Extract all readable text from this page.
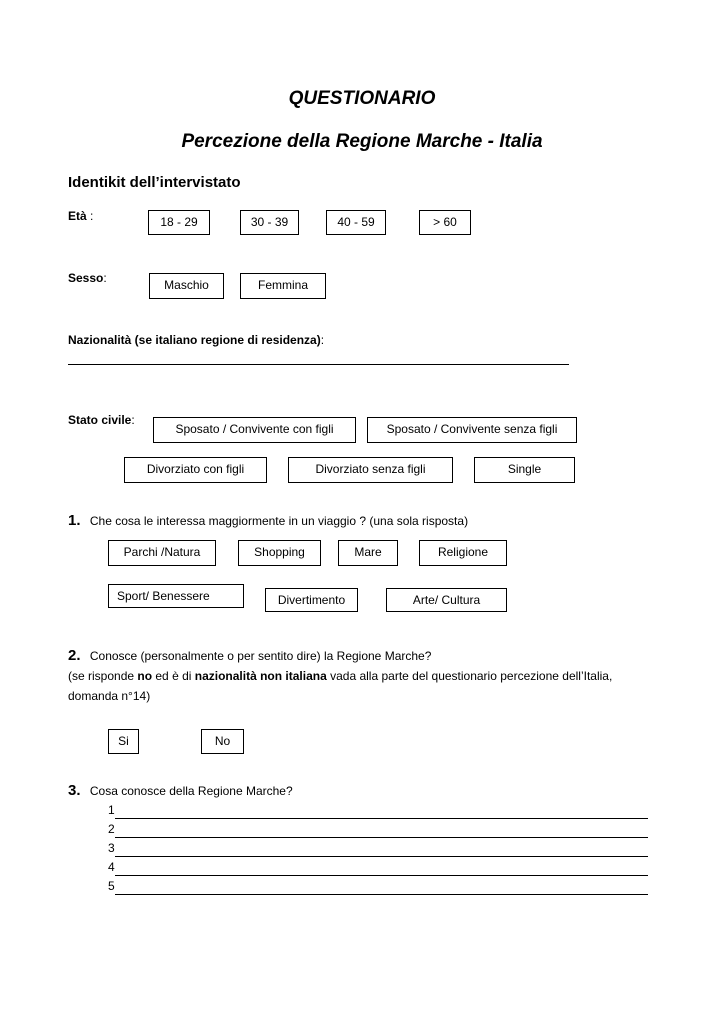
QUESTIONARIO
Percezione della Regione Marche - Italia
Identikit dell’intervistato
Età :	18 - 29	30 - 39	40 - 59	> 60
Sesso:	Maschio	Femmina
Nazionalità (se italiano regione di residenza):
Stato civile:
Sposato / Convivente con figli	Sposato / Convivente senza figli
Divorziato con figli	Divorziato senza figli	Single
1. Che cosa le interessa maggiormente in un viaggio ? (una sola risposta)
Parchi /Natura	Shopping	Mare	Religione
Sport/ Benessere	Divertimento	Arte/ Cultura
2. Conosce (personalmente o per sentito dire) la Regione Marche?
(se risponde no ed è di nazionalità non italiana vada alla parte del questionario percezione dell’Italia,
domanda n°14)
Si	No
3. Cosa conosce della Regione Marche?
1
2
3
4
5
